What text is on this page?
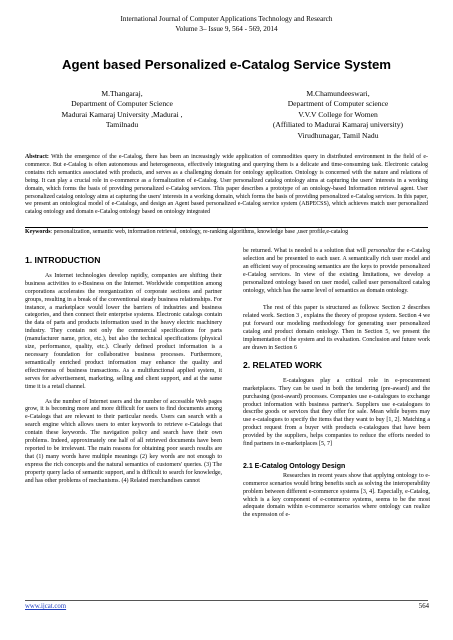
International Journal of Computer Applications Technology and Research
Volume 3– Issue 9, 564 - 569, 2014
Agent based Personalized e-Catalog Service System
M.Thangaraj,
Department of Computer Science
Madurai Kamaraj University ,Madurai ,
Tamilnadu
M.Chamundeeswari,
Department of Computer science
V.V.V College for Women
(Affiliated to Madurai Kamaraj university)
Virudhunagar, Tamil Nadu
Abstract: With the emergence of the e-Catalog, there has been an increasingly wide application of commodities query in distributed environment in the field of e-commerce. But e-Catalog is often autonomous and heterogeneous, effectively integrating and querying them is a delicate and time-consuming task. Electronic catalog contains rich semantics associated with products, and serves as a challenging domain for ontology application. Ontology is concerned with the nature and relations of being. It can play a crucial role in e-commerce as a formalization of e-Catalog. User personalized catalog ontology aims at capturing the users' interests in a working domain, which forms the basis of providing personalized e-Catalog services. This paper describes a prototype of an ontology-based Information retrieval agent. User personalized catalog ontology aims at capturing the users' interests in a working domain, which forms the basis of providing personalized e-Catalog services. In this paper, we present an ontological model of e-Catalogs, and design an Agent based personalized e-Catalog service system (ABPECSS), which achieves match user personalized catalog ontology and domain e-Catalog ontology based on ontology integrated
Keywords: personalization, semantic web, information retrieval, ontology, re-ranking algorithms, knowledge base ,user profile,e-catalog
1. INTRODUCTION

As Internet technologies develop rapidly, companies are shifting their business activities to e-Business on the Internet. Worldwide competition among corporations accelerates the reorganization of corporate sections and partner groups, resulting in a break of the conventional steady business relationships. For instance, a marketplace would lower the barriers of industries and business categories, and then connect their enterprise systems. Electronic catalogs contain the data of parts and products information used in the heavy electric machinery industry. They contain not only the commercial specifications for parts (manufacturer name, price, etc.), but also the technical specifications (physical size, performance, quality, etc.). Clearly defined product information is a necessary foundation for collaborative business processes. Furthermore, semantically enriched product information may enhance the quality and effectiveness of business transactions. As a multifunctional applied system, it serves for advertisement, marketing, selling and client support, and at the same time it is a retail channel.

As the number of Internet users and the number of accessible Web pages grow, it is becoming more and more difficult for users to find documents among e-Catalogs that are relevant to their particular needs. Users can search with a search engine which allows users to enter keywords to retrieve e-Catalogs that contain these keywords. The navigation policy and search have their own problems. Indeed, approximately one half of all retrieved documents have been reported to be irrelevant. The main reasons for obtaining poor search results are that (1) many words have multiple meanings (2) key words are not enough to express the rich concepts and the natural semantics of customers' queries. (3) The property query lacks of semantic support, and is difficult to search for knowledge, and has other problems of mechanisms. (4) Related merchandises cannot

be returned. What is needed is a solution that will personalize the e-Catalog selection and be presented to each user. A semantically rich user model and an efficient way of processing semantics are the keys to provide personalized e-Catalog services. In view of the existing limitations, we develop a personalized ontology based on user model, called user personalized catalog ontology, which has the same level of semantics as domain ontology.

The rest of this paper is structured as follows: Section 2 describes related work. Section 3 , explains the theory of propose system. Section 4 we put forward our modeling methodology for generating user personalized catalog and product domain ontology. Then in Section 5, we present the implementation of the system and its evaluation. Conclusion and future work are drawn in Section 6

2. RELATED WORK

E-catalogues play a critical role in e-procurement marketplaces. They can be used in both the tendering (pre-award) and the purchasing (post-award) processes. Companies use e-catalogues to exchange product information with business partner's. Suppliers use e-catalogues to describe goods or services that they offer for sale. Mean while buyers may use e-catalogues to specify the items that they want to buy [1, 2]. Matching a product request from a buyer with products e-catalogues that have been provided by the suppliers, helps companies to reduce the efforts needed to find partners in e-marketplaces [5, 7]

2.1 E-Catalog Ontology Design

Researches in recent years show that applying ontology to e-commerce scenarios would bring benefits such as solving the interoperability problem between different e-commerce systems [3, 4]. Especially, e-Catalog, which is a key component of e-commerce systems, seems to be the most adequate domain within e-commerce scenarios where ontology can realize the expression of e-

www.ijcat.com	564
